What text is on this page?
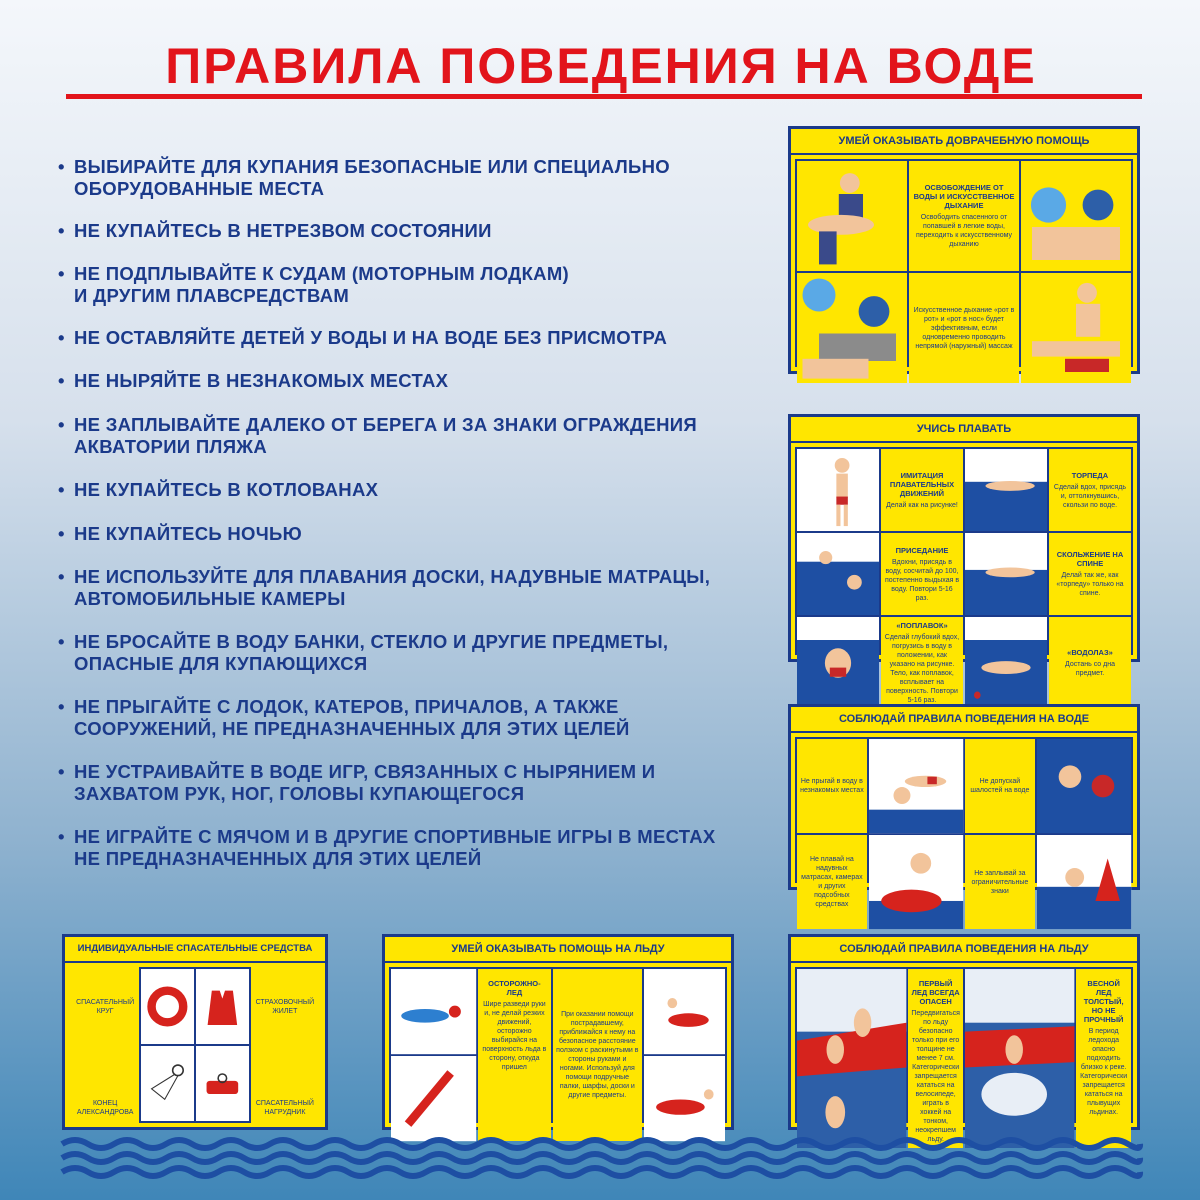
ПРАВИЛА ПОВЕДЕНИЯ НА ВОДЕ
• ВЫБИРАЙТЕ ДЛЯ КУПАНИЯ БЕЗОПАСНЫЕ ИЛИ СПЕЦИАЛЬНО
ОБОРУДОВАННЫЕ МЕСТА
• НЕ КУПАЙТЕСЬ В НЕТРЕЗВОМ СОСТОЯНИИ
• НЕ ПОДПЛЫВАЙТЕ К СУДАМ (МОТОРНЫМ ЛОДКАМ)
И ДРУГИМ ПЛАВСРЕДСТВАМ
• НЕ ОСТАВЛЯЙТЕ ДЕТЕЙ У ВОДЫ И НА ВОДЕ БЕЗ ПРИСМОТРА
• НЕ НЫРЯЙТЕ В НЕЗНАКОМЫХ МЕСТАХ
• НЕ ЗАПЛЫВАЙТЕ ДАЛЕКО ОТ БЕРЕГА И ЗА ЗНАКИ ОГРАЖДЕНИЯ
АКВАТОРИИ ПЛЯЖА
• НЕ КУПАЙТЕСЬ В КОТЛОВАНАХ
• НЕ КУПАЙТЕСЬ НОЧЬЮ
• НЕ ИСПОЛЬЗУЙТЕ ДЛЯ ПЛАВАНИЯ ДОСКИ, НАДУВНЫЕ МАТРАЦЫ,
АВТОМОБИЛЬНЫЕ КАМЕРЫ
• НЕ БРОСАЙТЕ В ВОДУ БАНКИ, СТЕКЛО И ДРУГИЕ ПРЕДМЕТЫ,
ОПАСНЫЕ ДЛЯ КУПАЮЩИХСЯ
• НЕ ПРЫГАЙТЕ С ЛОДОК, КАТЕРОВ, ПРИЧАЛОВ, А ТАКЖЕ
СООРУЖЕНИЙ, НЕ ПРЕДНАЗНАЧЕННЫХ ДЛЯ ЭТИХ ЦЕЛЕЙ
• НЕ УСТРАИВАЙТЕ В ВОДЕ ИГР, СВЯЗАННЫХ С НЫРЯНИЕМ И
ЗАХВАТОМ РУК, НОГ, ГОЛОВЫ КУПАЮЩЕГОСЯ
• НЕ ИГРАЙТЕ С МЯЧОМ И В ДРУГИЕ СПОРТИВНЫЕ ИГРЫ В МЕСТАХ
НЕ ПРЕДНАЗНАЧЕННЫХ ДЛЯ ЭТИХ ЦЕЛЕЙ
УМЕЙ ОКАЗЫВАТЬ ДОВРАЧЕБНУЮ ПОМОЩЬ
ОСВОБОЖДЕНИЕ ОТ ВОДЫ И ИСКУССТВЕННОЕ ДЫХАНИЕ
Освободить спасенного от попавшей в легкие воды, переходить к искусственному дыханию
Искусственное дыхание «рот в рот» и «рот в нос» будет эффективным, если одновременно проводить непрямой (наружный) массаж
УЧИСЬ ПЛАВАТЬ
ИМИТАЦИЯ ПЛАВАТЕЛЬНЫХ ДВИЖЕНИЙ
Делай как на рисунке!
ТОРПЕДА
Сделай вдох, присядь и, оттолкнувшись, скользи по воде.
ПРИСЕДАНИЕ
Вдохни, присядь в воду, сосчитай до 100, постепенно выдыхая в воду. Повтори 5-16 раз.
СКОЛЬЖЕНИЕ НА СПИНЕ
Делай так же, как «торпеду» только на спине.
«ПОПЛАВОК»
Сделай глубокий вдох, погрузись в воду в положении, как указано на рисунке. Тело, как поплавок, всплывает на поверхность. Повтори 5-16 раз.
«ВОДОЛАЗ»
Достань со дна предмет.
СОБЛЮДАЙ ПРАВИЛА ПОВЕДЕНИЯ НА ВОДЕ
Не прыгай в воду в незнакомых местах
Не допускай шалостей на воде
Не плавай на надувных матрасах, камерах и других подсобных средствах
Не заплывай за ограничительные знаки
ИНДИВИДУАЛЬНЫЕ СПАСАТЕЛЬНЫЕ СРЕДСТВА
СПАСАТЕЛЬНЫЙ КРУГ
СТРАХОВОЧНЫЙ ЖИЛЕТ
КОНЕЦ АЛЕКСАНДРОВА
СПАСАТЕЛЬНЫЙ НАГРУДНИК
УМЕЙ ОКАЗЫВАТЬ ПОМОЩЬ НА ЛЬДУ
ОСТОРОЖНО-ЛЕД
Шире разведи руки и, не делай резких движений, осторожно выбирайся на поверхность льда в сторону, откуда пришел
При оказании помощи пострадавшему, приближайся к нему на безопасное расстояние ползком с раскинутыми в стороны руками и ногами. Используй для помощи подручные палки, шарфы, доски и другие предметы.
СОБЛЮДАЙ ПРАВИЛА ПОВЕДЕНИЯ НА ЛЬДУ
ПЕРВЫЙ ЛЕД ВСЕГДА ОПАСЕН
Передвигаться по льду безопасно только при его толщине не менее 7 см. Категорически запрещается кататься на велосипеде, играть в хоккей на тонком, неокрепшем льду.
ВЕСНОЙ ЛЕД ТОЛСТЫЙ, НО НЕ ПРОЧНЫЙ
В период ледохода опасно подходить близко к реке. Категорически запрещается кататься на плывущих льдинах.
